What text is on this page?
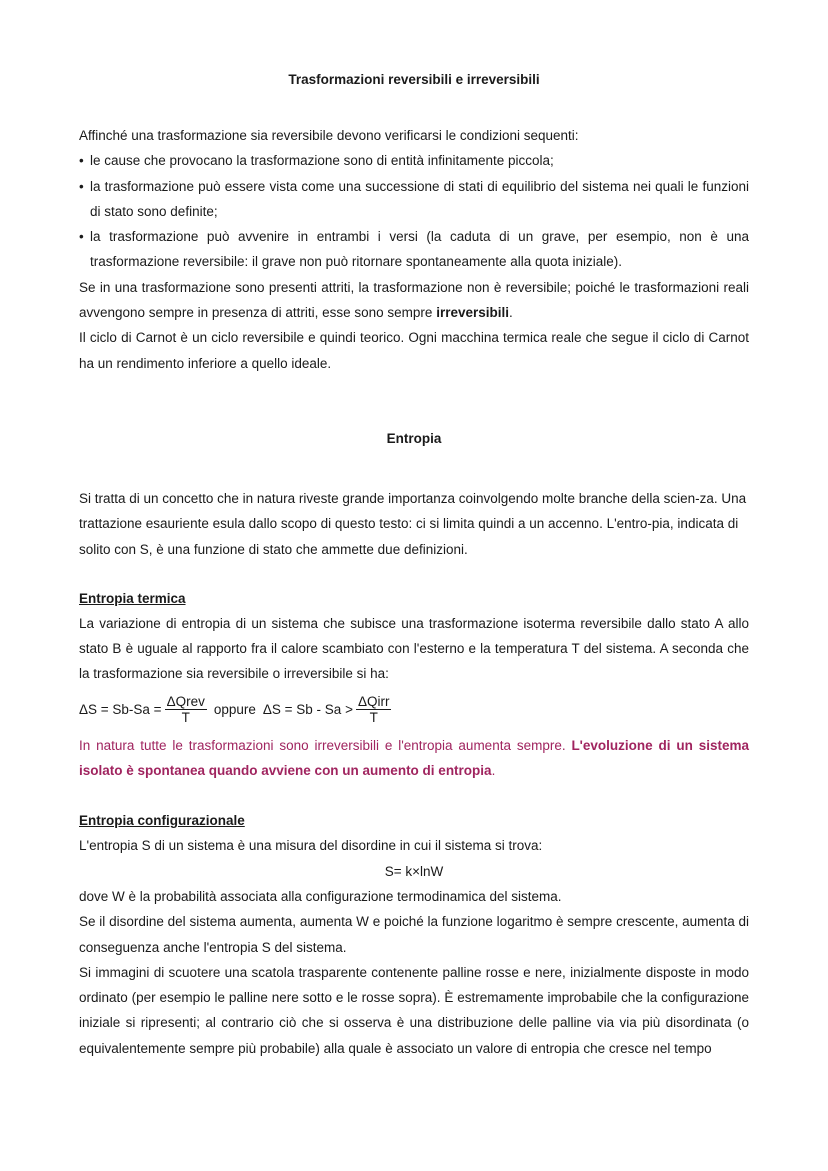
Trasformazioni reversibili e irreversibili

Affinché una trasformazione sia reversibile devono verificarsi le condizioni sequenti:

• le cause che provocano la trasformazione sono di entità infinitamente piccola;
• la trasformazione può essere vista come una successione di stati di equilibrio del sistema nei quali le funzioni di stato sono definite;
• la trasformazione può avvenire in entrambi i versi (la caduta di un grave, per esempio, non è una trasformazione reversibile: il grave non può ritornare spontaneamente alla quota iniziale).

Se in una trasformazione sono presenti attriti, la trasformazione non è reversibile; poiché le trasformazioni reali avvengono sempre in presenza di attriti, esse sono sempre irreversibili.

Il ciclo di Carnot è un ciclo reversibile e quindi teorico. Ogni macchina termica reale che segue il ciclo di Carnot ha un rendimento inferiore a quello ideale.

Entropia

Si tratta di un concetto che in natura riveste grande importanza coinvolgendo molte branche della scien-za. Una trattazione esauriente esula dallo scopo di questo testo: ci si limita quindi a un accenno. L'entro-pia, indicata di solito con S, è una funzione di stato che ammette due definizioni.

Entropia termica

La variazione di entropia di un sistema che subisce una trasformazione isoterma reversibile dallo stato A allo stato B è uguale al rapporto fra il calore scambiato con l'esterno e la temperatura T del sistema. A seconda che la trasformazione sia reversibile o irreversibile si ha:

$\Delta S = Sb-Sa = \frac{\text{ΔQrev}}{T}$ oppure $\Delta S = Sb - Sa > \frac{\text{ΔQirr}}{T}$

In natura tutte le trasformazioni sono irreversibili e l'entropia aumenta sempre. L'evoluzione di un sistema isolato è spontanea quando avviene con un aumento di entropia.

Entropia configurazionale

L'entropia S di un sistema è una misura del disordine in cui il sistema si trova:

S= k×lnW

dove W è la probabilità associata alla configurazione termodinamica del sistema.

Se il disordine del sistema aumenta, aumenta W e poiché la funzione logaritmo è sempre crescente, aumenta di conseguenza anche l'entropia S del sistema.

Si immagini di scuotere una scatola trasparente contenente palline rosse e nere, inizialmente disposte in modo ordinato (per esempio le palline nere sotto e le rosse sopra). È estremamente improbabile che la configurazione iniziale si ripresenti; al contrario ciò che si osserva è una distribuzione delle palline via via più disordinata (o equivalentemente sempre più probabile) alla quale è associato un valore di entropia che cresce nel tempo
